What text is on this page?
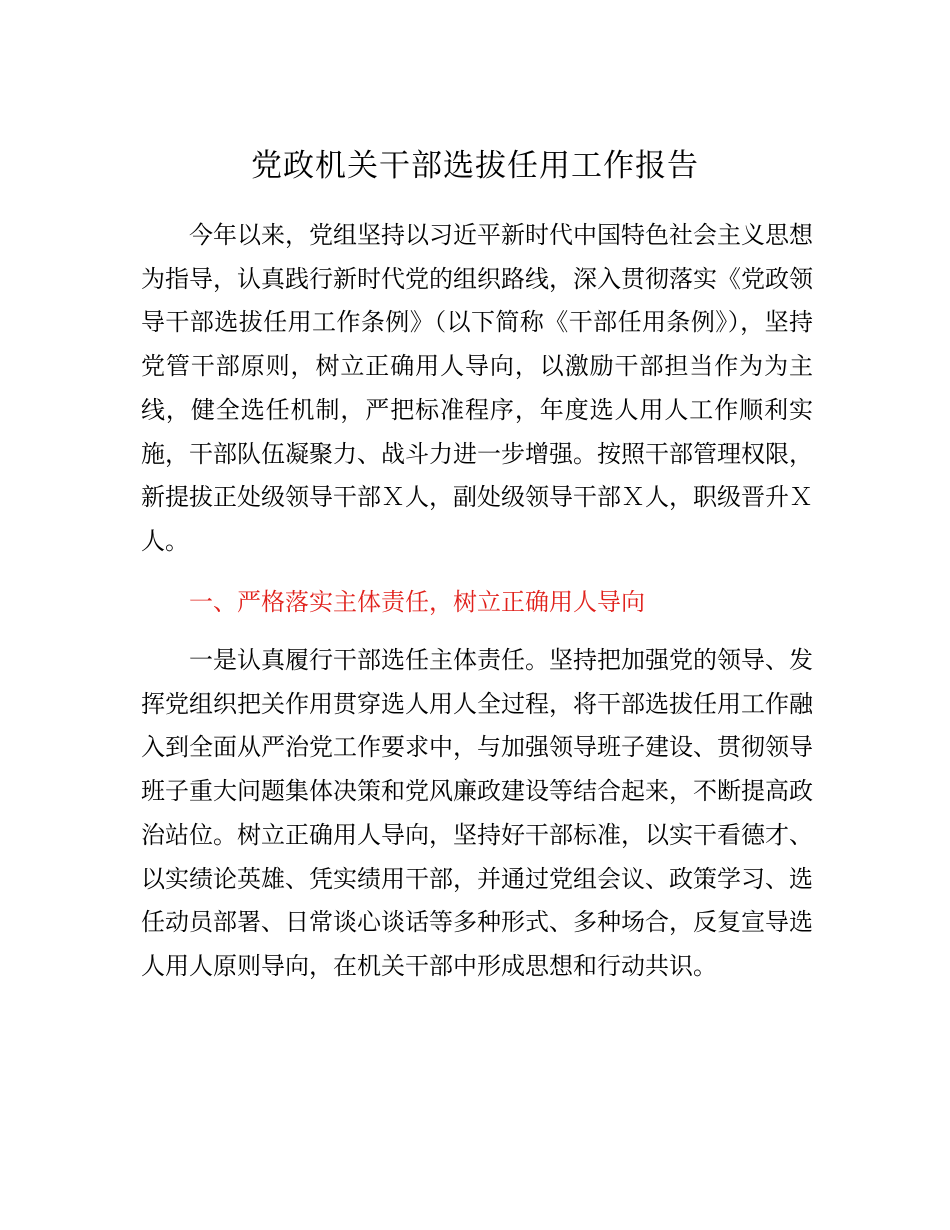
党政机关干部选拔任用工作报告

今年以来，党组坚持以习近平新时代中国特色社会主义思想为指导，认真践行新时代党的组织路线，深入贯彻落实《党政领导干部选拔任用工作条例》（以下简称《干部任用条例》），坚持党管干部原则，树立正确用人导向，以激励干部担当作为为主线，健全选任机制，严把标准程序，年度选人用人工作顺利实施，干部队伍凝聚力、战斗力进一步增强。按照干部管理权限，新提拔正处级领导干部Ｘ人，副处级领导干部Ｘ人，职级晋升Ｘ人。

一、严格落实主体责任，树立正确用人导向

一是认真履行干部选任主体责任。坚持把加强党的领导、发挥党组织把关作用贯穿选人用人全过程，将干部选拔任用工作融入到全面从严治党工作要求中，与加强领导班子建设、贯彻领导班子重大问题集体决策和党风廉政建设等结合起来，不断提高政治站位。树立正确用人导向，坚持好干部标准，以实干看德才、以实绩论英雄、凭实绩用干部，并通过党组会议、政策学习、选任动员部署、日常谈心谈话等多种形式、多种场合，反复宣导选人用人原则导向，在机关干部中形成思想和行动共识。
